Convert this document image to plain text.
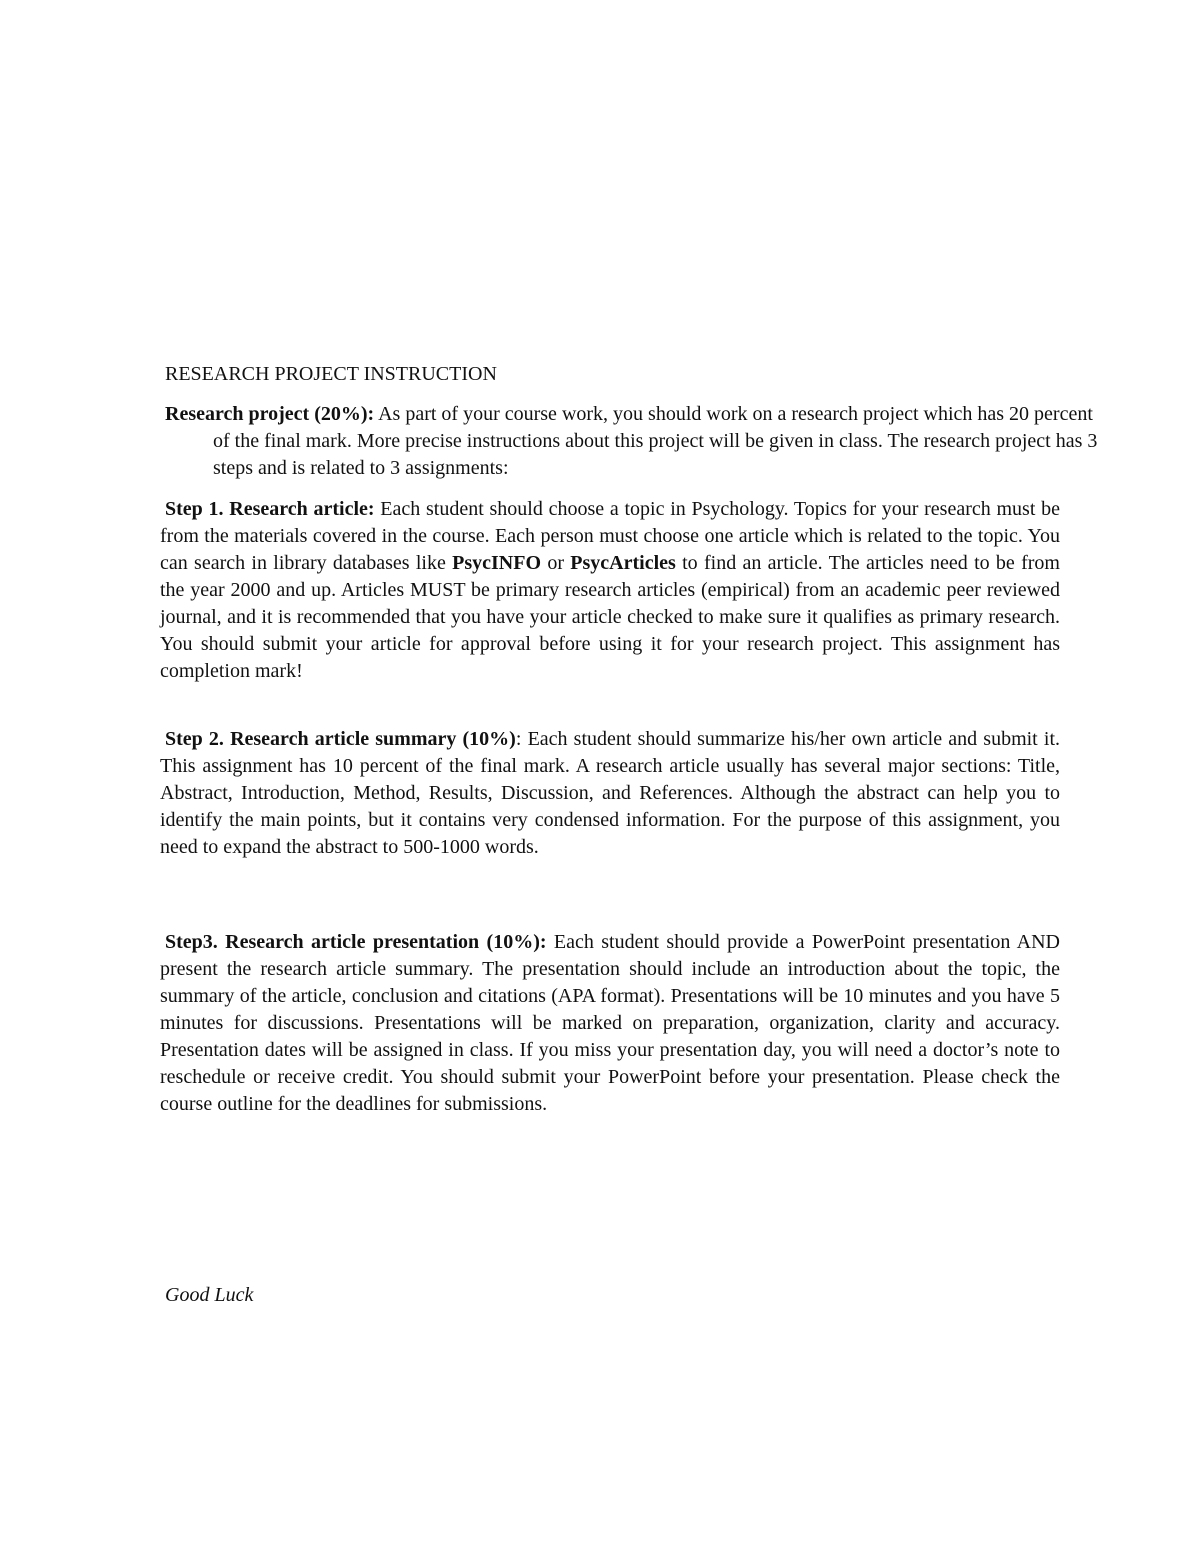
RESEARCH PROJECT INSTRUCTION

Research project (20%): As part of your course work, you should work on a research project which has 20 percent of the final mark. More precise instructions about this project will be given in class. The research project has 3 steps and is related to 3 assignments:

Step 1. Research article: Each student should choose a topic in Psychology. Topics for your research must be from the materials covered in the course. Each person must choose one article which is related to the topic. You can search in library databases like PsycINFO or PsycArticles to find an article. The articles need to be from the year 2000 and up. Articles MUST be primary research articles (empirical) from an academic peer reviewed journal, and it is recommended that you have your article checked to make sure it qualifies as primary research. You should submit your article for approval before using it for your research project. This assignment has completion mark!

Step 2. Research article summary (10%): Each student should summarize his/her own article and submit it. This assignment has 10 percent of the final mark. A research article usually has several major sections: Title, Abstract, Introduction, Method, Results, Discussion, and References. Although the abstract can help you to identify the main points, but it contains very condensed information. For the purpose of this assignment, you need to expand the abstract to 500-1000 words.

Step3. Research article presentation (10%): Each student should provide a PowerPoint presentation AND present the research article summary. The presentation should include an introduction about the topic, the summary of the article, conclusion and citations (APA format). Presentations will be 10 minutes and you have 5 minutes for discussions. Presentations will be marked on preparation, organization, clarity and accuracy. Presentation dates will be assigned in class. If you miss your presentation day, you will need a doctor’s note to reschedule or receive credit. You should submit your PowerPoint before your presentation. Please check the course outline for the deadlines for submissions.

Good Luck
